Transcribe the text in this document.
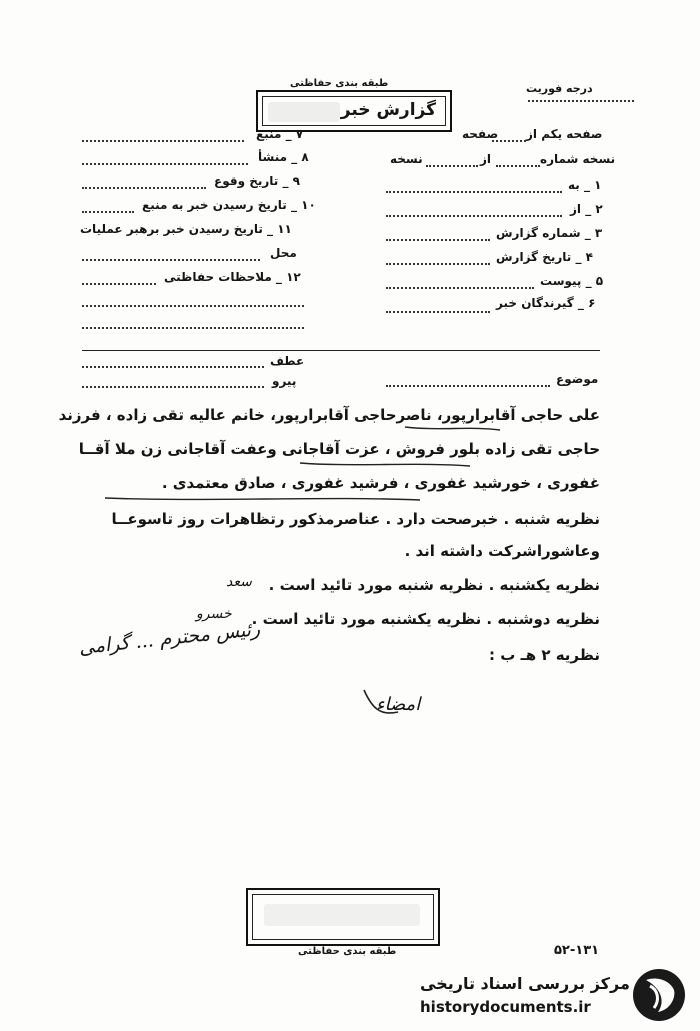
طبقه بندی حفاظتی	درجه فوریت
گزارش خبر
صفحه یکم از
صفحه
نسخه شماره
از
نسخه
۱ _ به
۲ _ از
۳ _ شماره گزارش
۴ _ تاریخ گزارش
۵ _ پیوست
۶ _ گیرندگان خبر
۷ _ منبع
۸ _ منشأ
۹ _ تاریخ وقوع
۱۰ _ تاریخ رسیدن خبر به منبع
۱۱ _ تاریخ رسیدن خبر برهبر عملیات
محل
۱۲ _ ملاحظات حفاظتی
عطف
پیرو	موضوع
علی حاجی آقابرارپور، ناصرحاجی آقابرارپور، خانم عالیه تقی زاده ، فرزند
حاجی تقی زاده بلور فروش ، عزت آقاجانی وعفت آقاجانی زن ملا آقــا
غفوری ، خورشید غفوری ، فرشید غفوری ، صادق معتمدی .
نظریه شنبه . خبرصحت دارد . عناصرمذکور رتظاهرات روز تاسوعــا
وعاشوراشرکت داشته اند .
نظریه یکشنبه . نظریه شنبه مورد تائید است .
نظریه دوشنبه . نظریه یکشنبه مورد تائید است .
نظریه ۲ هـ ب :
سعد
خسرو
رئیس محترم ... گرامی
امضاء
طبقه بندی حفاظتی	۵۲-۱۳۱
مرکز بررسی اسناد تاریخی
historydocuments.ir
